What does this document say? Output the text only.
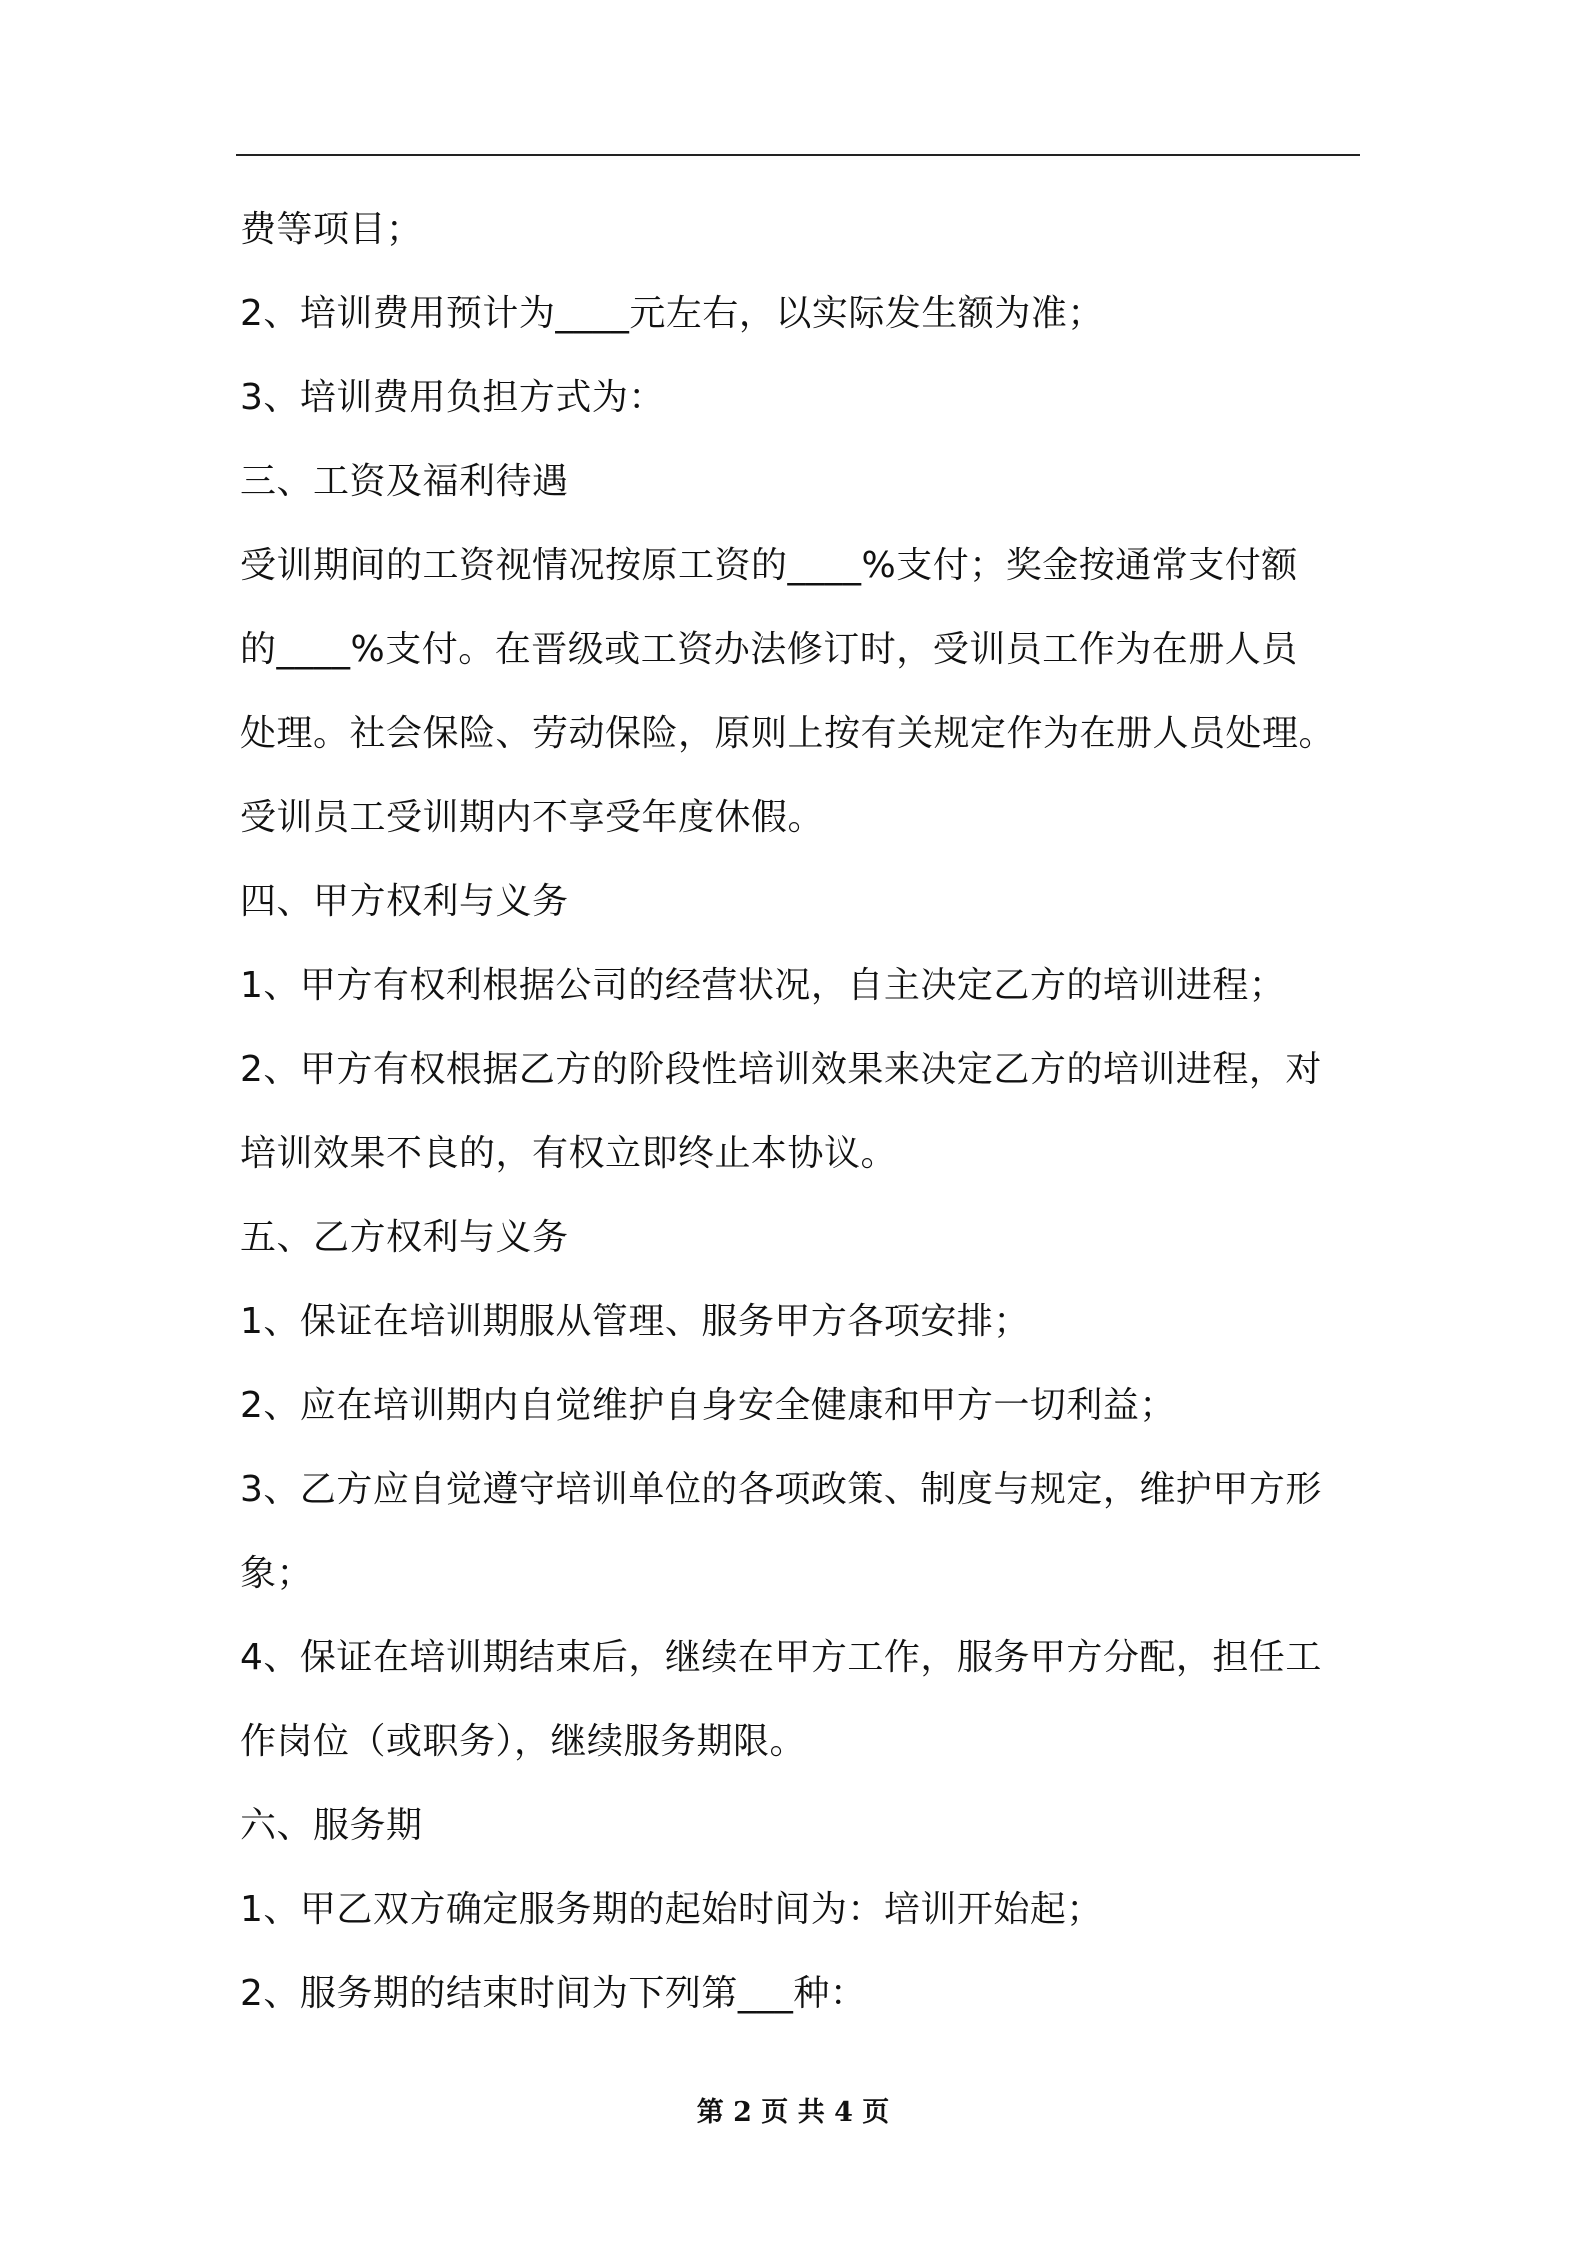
费等项目；
2、培训费用预计为____元左右，以实际发生额为准；
3、培训费用负担方式为：
三、工资及福利待遇
受训期间的工资视情况按原工资的____%支付；奖金按通常支付额
的____%支付。在晋级或工资办法修订时，受训员工作为在册人员
处理。社会保险、劳动保险，原则上按有关规定作为在册人员处理。
受训员工受训期内不享受年度休假。
四、甲方权利与义务
1、甲方有权利根据公司的经营状况，自主决定乙方的培训进程；
2、甲方有权根据乙方的阶段性培训效果来决定乙方的培训进程，对
培训效果不良的，有权立即终止本协议。
五、乙方权利与义务
1、保证在培训期服从管理、服务甲方各项安排；
2、应在培训期内自觉维护自身安全健康和甲方一切利益；
3、乙方应自觉遵守培训单位的各项政策、制度与规定，维护甲方形
象；
4、保证在培训期结束后，继续在甲方工作，服务甲方分配，担任工
作岗位（或职务），继续服务期限。
六、服务期
1、甲乙双方确定服务期的起始时间为：培训开始起；
2、服务期的结束时间为下列第___种：
第 2 页 共 4 页
